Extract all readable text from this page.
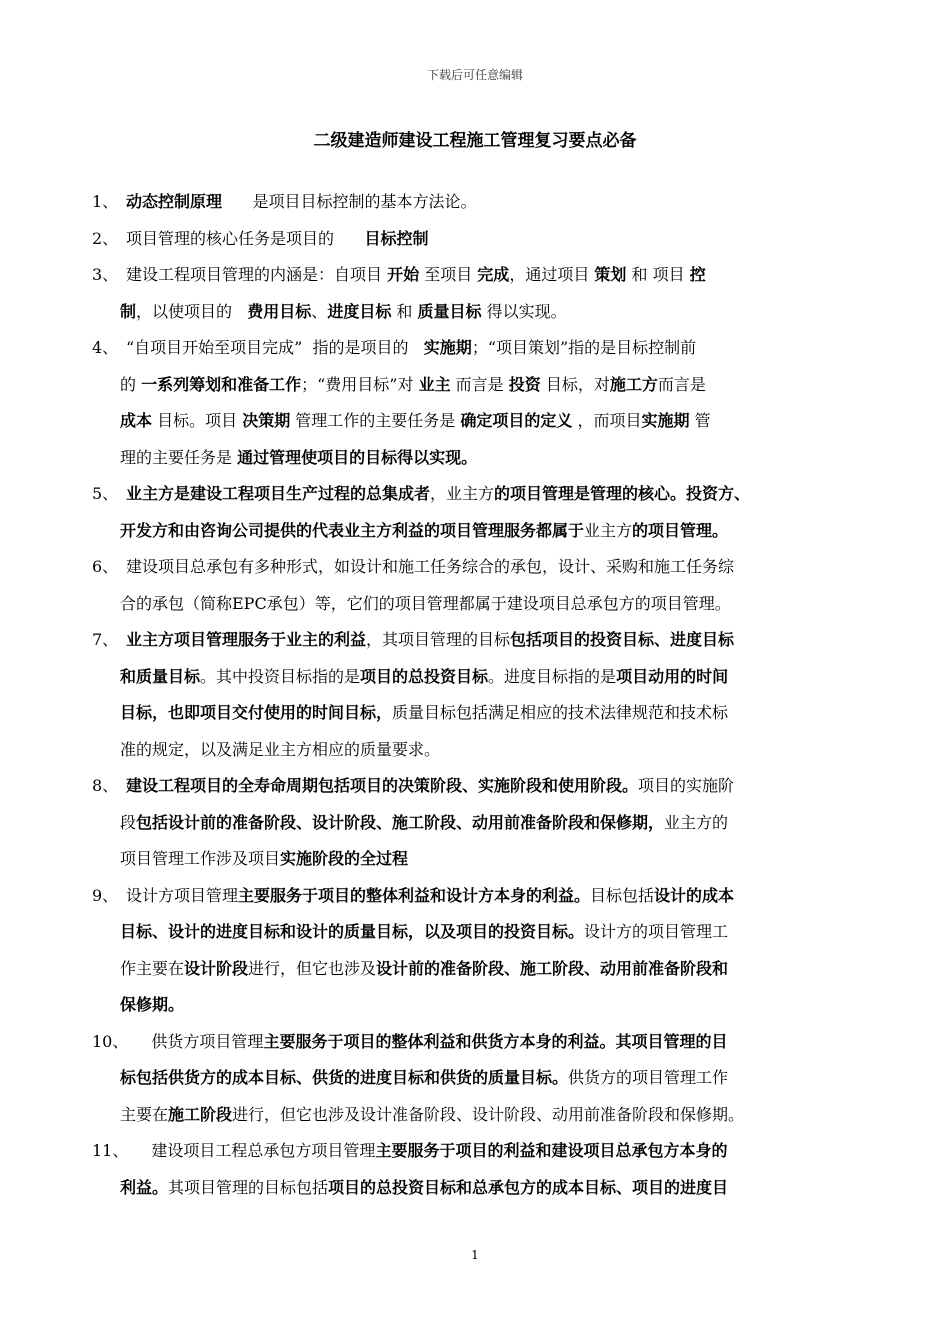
下载后可任意编辑
二级建造师建设工程施工管理复习要点必备
1、 动态控制原理      是项目目标控制的基本方法论。
2、 项目管理的核心任务是项目的      目标控制
3、 建设工程项目管理的内涵是：自项目 开始 至项目 完成，通过项目 策划 和 项目 控
制，以使项目的   费用目标、进度目标 和 质量目标 得以实现。
4、 “自项目开始至项目完成”  指的是项目的   实施期；“项目策划”指的是目标控制前
的 一系列筹划和准备工作；“费用目标”对 业主 而言是 投资 目标，对施工方而言是
成本 目标。项目 决策期 管理工作的主要任务是 确定项目的定义 ，而项目实施期 管
理的主要任务是 通过管理使项目的目标得以实现。
5、 业主方是建设工程项目生产过程的总集成者，业主方的项目管理是管理的核心。投资方、
开发方和由咨询公司提供的代表业主方利益的项目管理服务都属于业主方的项目管理。
6、 建设项目总承包有多种形式，如设计和施工任务综合的承包，设计、采购和施工任务综
合的承包（简称EPC承包）等，它们的项目管理都属于建设项目总承包方的项目管理。
7、 业主方项目管理服务于业主的利益，其项目管理的目标包括项目的投资目标、进度目标
和质量目标。其中投资目标指的是项目的总投资目标。进度目标指的是项目动用的时间
目标，也即项目交付使用的时间目标，质量目标包括满足相应的技术法律规范和技术标
准的规定，以及满足业主方相应的质量要求。
8、 建设工程项目的全寿命周期包括项目的决策阶段、实施阶段和使用阶段。项目的实施阶
段包括设计前的准备阶段、设计阶段、施工阶段、动用前准备阶段和保修期，业主方的
项目管理工作涉及项目实施阶段的全过程
9、 设计方项目管理主要服务于项目的整体利益和设计方本身的利益。目标包括设计的成本
目标、设计的进度目标和设计的质量目标，以及项目的投资目标。设计方的项目管理工
作主要在设计阶段进行，但它也涉及设计前的准备阶段、施工阶段、动用前准备阶段和
保修期。
10、
供货方项目管理主要服务于项目的整体利益和供货方本身的利益。其项目管理的目
标包括供货方的成本目标、供货的进度目标和供货的质量目标。供货方的项目管理工作
主要在施工阶段进行，但它也涉及设计准备阶段、设计阶段、动用前准备阶段和保修期。
11、
建设项目工程总承包方项目管理主要服务于项目的利益和建设项目总承包方本身的
利益。其项目管理的目标包括项目的总投资目标和总承包方的成本目标、项目的进度目
1
